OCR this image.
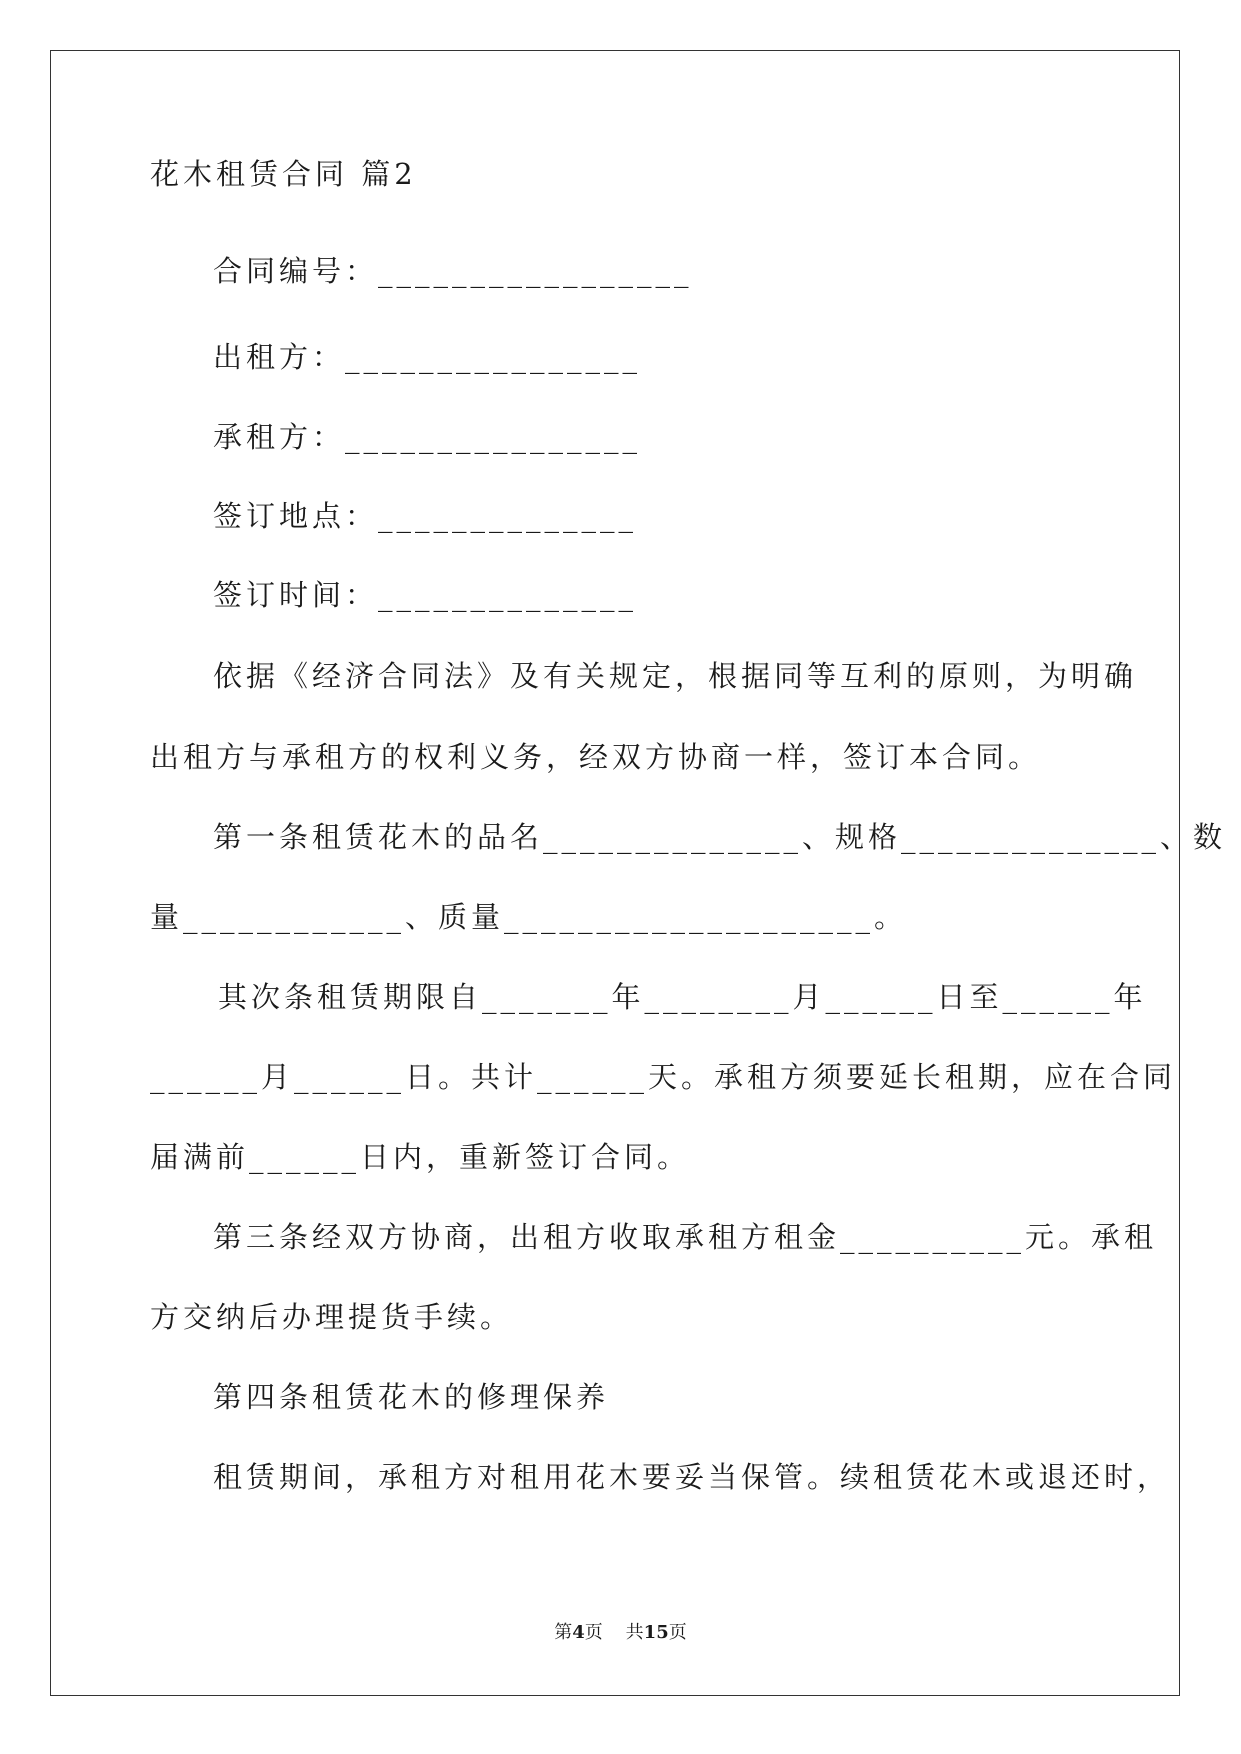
花木租赁合同 篇2
合同编号：_________________
出租方：________________
承租方：________________
签订地点：______________
签订时间：______________
依据《经济合同法》及有关规定，根据同等互利的原则，为明确
出租方与承租方的权利义务，经双方协商一样，签订本合同。
第一条租赁花木的品名______________、规格______________、数
量____________、质量____________________。
其次条租赁期限自_______年________月______日至______年
______月______日。共计______天。承租方须要延长租期，应在合同
届满前______日内，重新签订合同。
第三条经双方协商，出租方收取承租方租金__________元。承租
方交纳后办理提货手续。
第四条租赁花木的修理保养
租赁期间，承租方对租用花木要妥当保管。续租赁花木或退还时，
第4页 共15页
